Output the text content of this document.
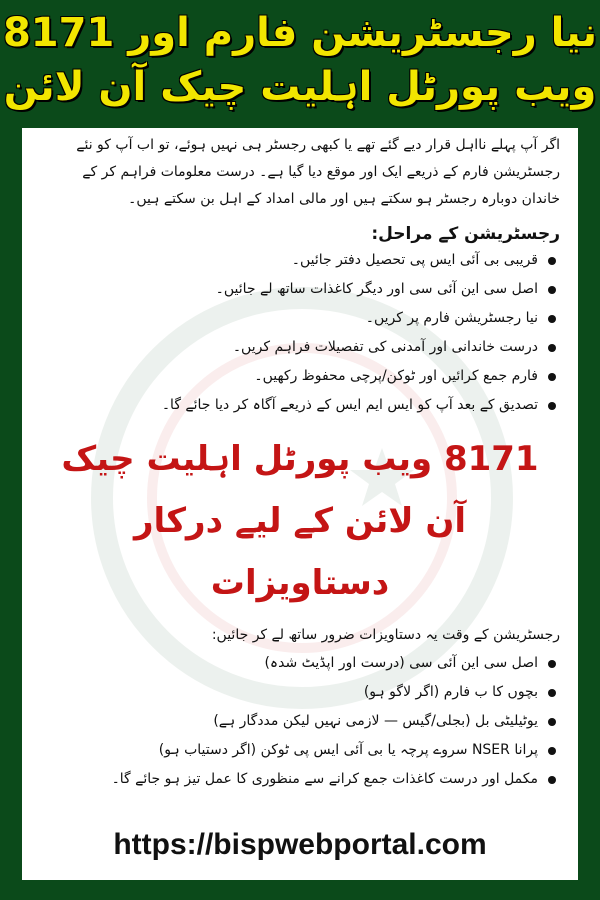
نیا رجسٹریشن فارم اور 8171
ویب پورٹل اہلیت چیک آن لائن

اگر آپ پہلے نااہل قرار دیے گئے تھے یا کبھی رجسٹر ہی نہیں ہوئے، تو اب آپ کو نئے رجسٹریشن فارم کے ذریعے ایک اور موقع دیا گیا ہے۔ درست معلومات فراہم کر کے خاندان دوبارہ رجسٹر ہو سکتے ہیں اور مالی امداد کے اہل بن سکتے ہیں۔

رجسٹریشن کے مراحل:
قریبی بی آئی ایس پی تحصیل دفتر جائیں۔
اصل سی این آئی سی اور دیگر کاغذات ساتھ لے جائیں۔
نیا رجسٹریشن فارم پر کریں۔
درست خاندانی اور آمدنی کی تفصیلات فراہم کریں۔
فارم جمع کرائیں اور ٹوکن/پرچی محفوظ رکھیں۔
تصدیق کے بعد آپ کو ایس ایم ایس کے ذریعے آگاہ کر دیا جائے گا۔
8171 ویب پورٹل اہلیت چیک آن لائن کے لیے درکار دستاویزات
رجسٹریشن کے وقت یہ دستاویزات ضرور ساتھ لے کر جائیں:
اصل سی این آئی سی (درست اور اپڈیٹ شدہ)
بچوں کا ب فارم (اگر لاگو ہو)
یوٹیلیٹی بل (بجلی/گیس — لازمی نہیں لیکن مددگار ہے)
پرانا NSER سروے پرچہ یا بی آئی ایس پی ٹوکن (اگر دستیاب ہو)
مکمل اور درست کاغذات جمع کرانے سے منظوری کا عمل تیز ہو جائے گا۔
https://bispwebportal.com
